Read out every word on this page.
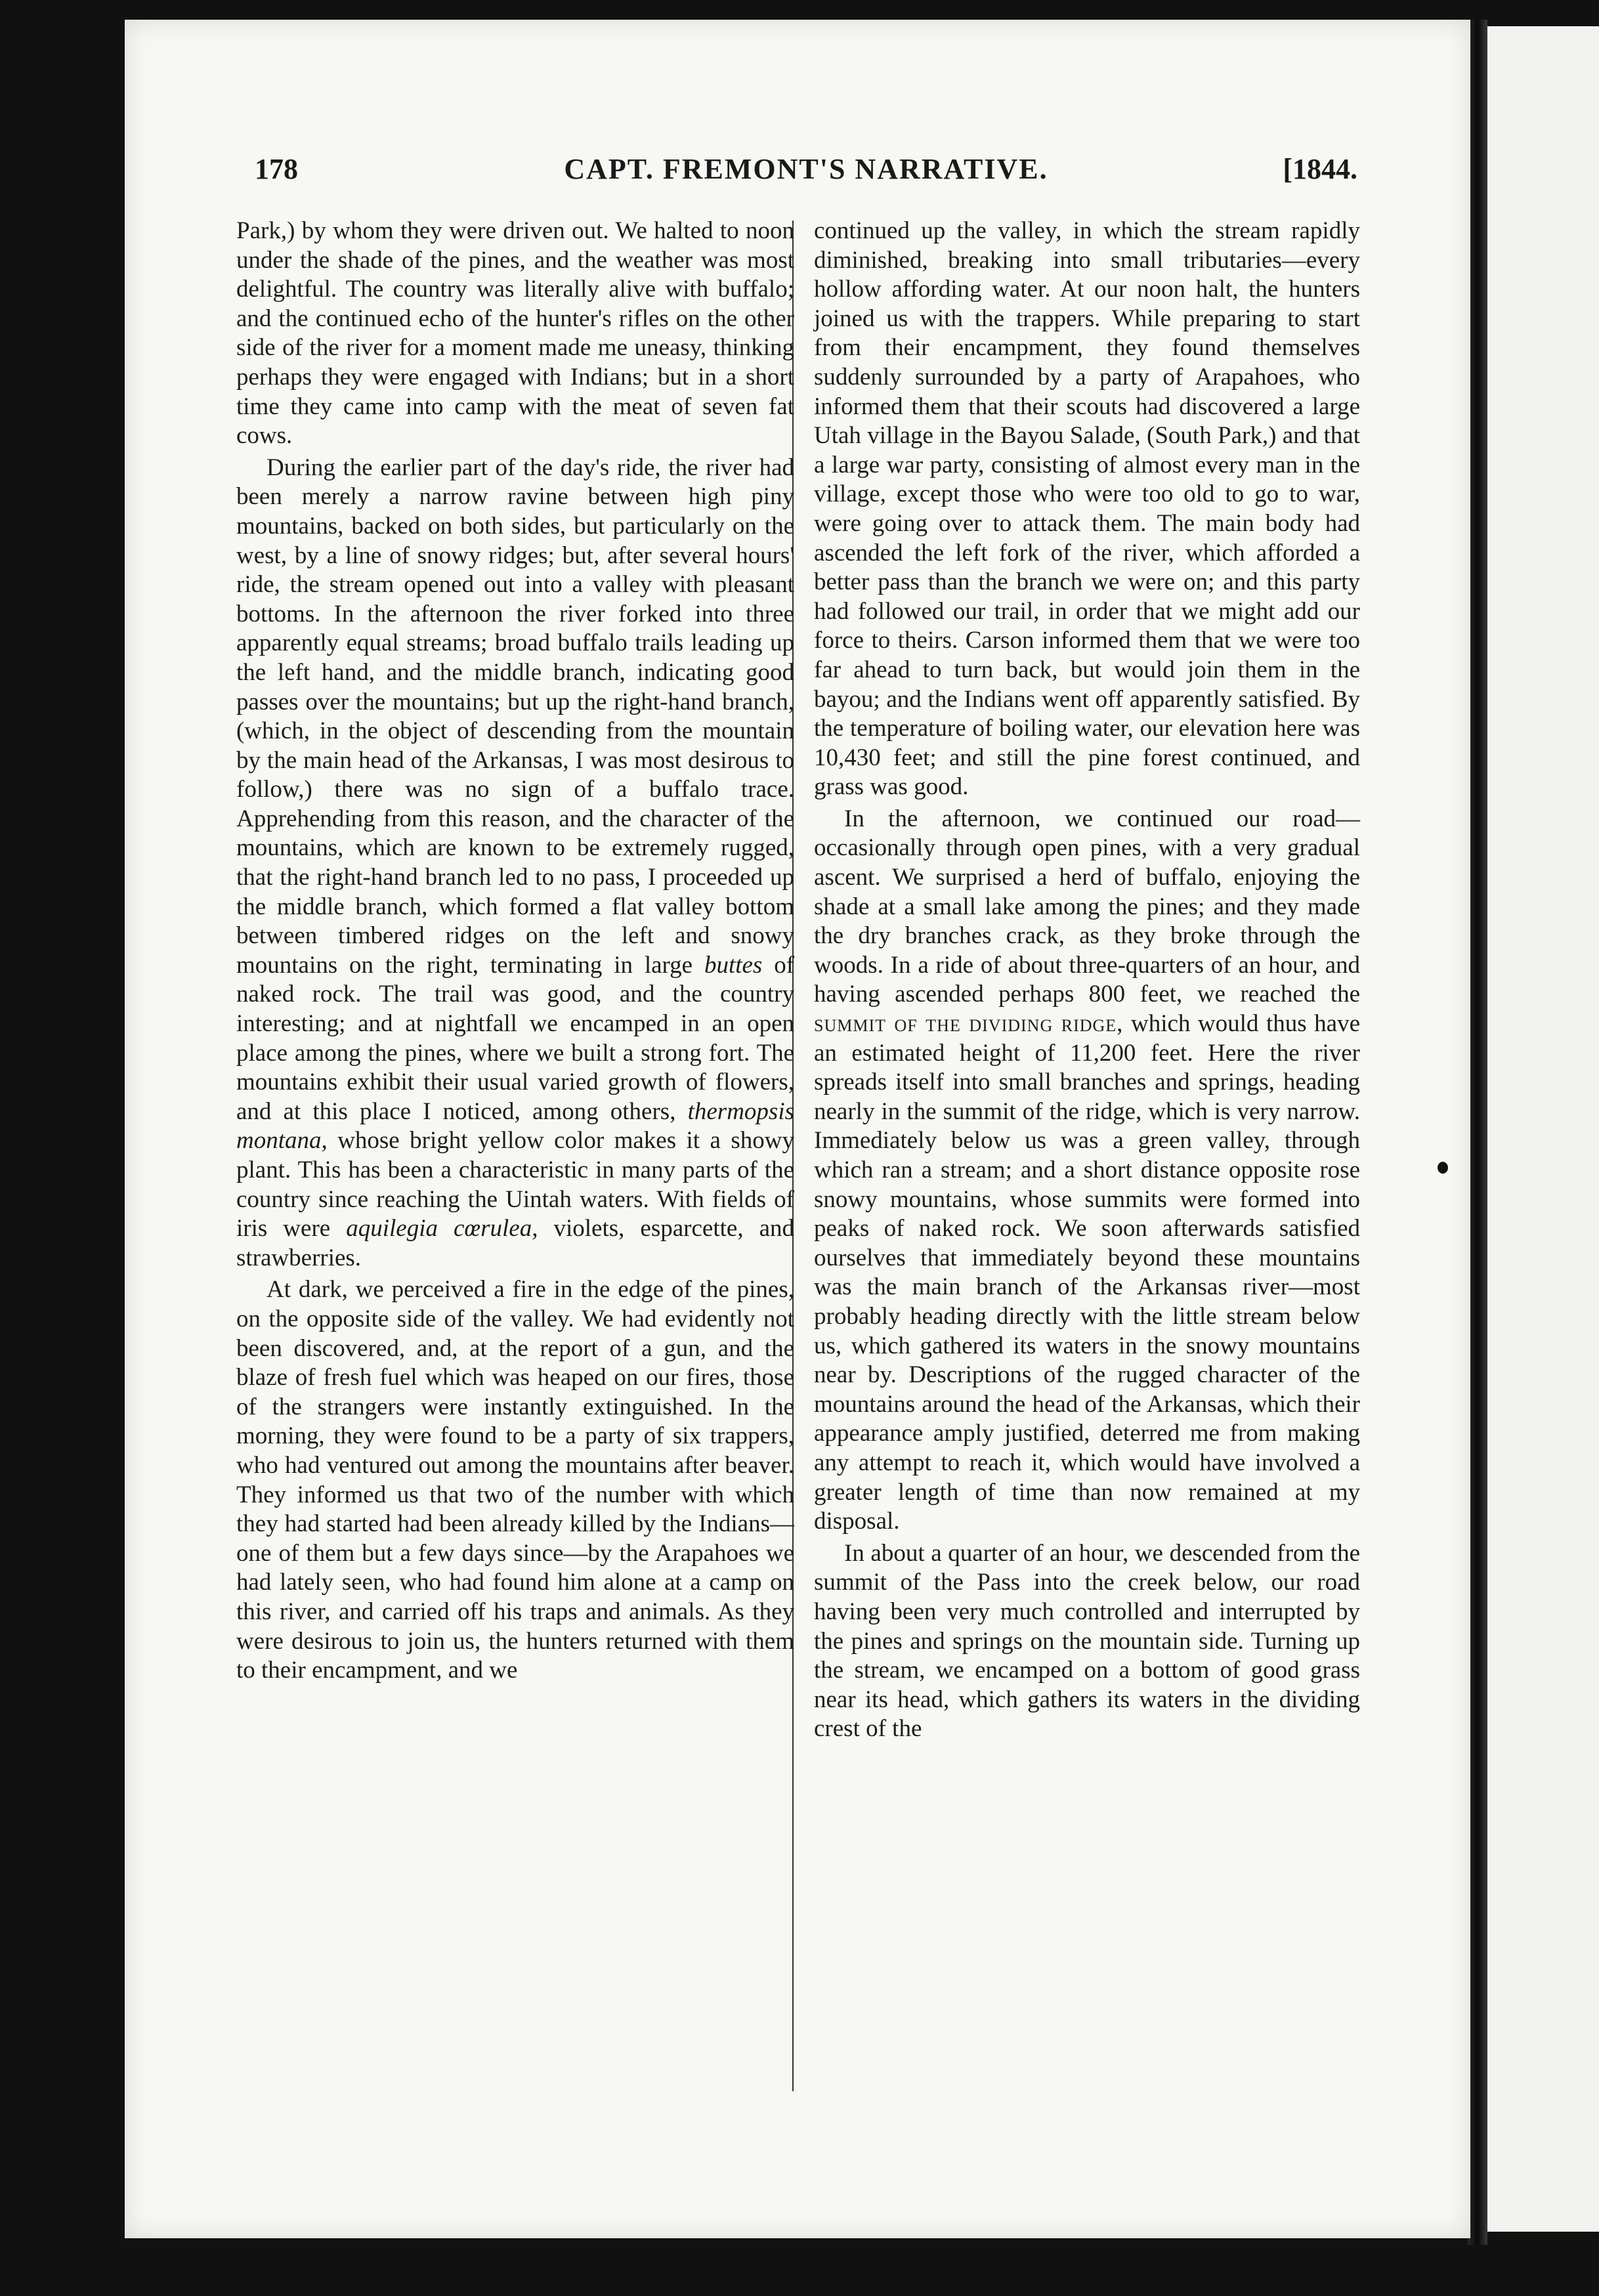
178	CAPT. FREMONT'S NARRATIVE.	[1844.

Park,) by whom they were driven out. We halted to noon under the shade of the pines, and the weather was most delightful. The country was literally alive with buffalo; and the continued echo of the hunter's rifles on the other side of the river for a moment made me uneasy, thinking perhaps they were engaged with Indians; but in a short time they came into camp with the meat of seven fat cows.

During the earlier part of the day's ride, the river had been merely a narrow ravine between high piny mountains, backed on both sides, but particularly on the west, by a line of snowy ridges; but, after several hours' ride, the stream opened out into a valley with pleasant bottoms. In the afternoon the river forked into three apparently equal streams; broad buffalo trails leading up the left hand, and the middle branch, indicating good passes over the mountains; but up the right-hand branch, (which, in the object of descending from the mountain by the main head of the Arkansas, I was most desirous to follow,) there was no sign of a buffalo trace. Apprehending from this reason, and the character of the mountains, which are known to be extremely rugged, that the right-hand branch led to no pass, I proceeded up the middle branch, which formed a flat valley bottom between timbered ridges on the left and snowy mountains on the right, terminating in large buttes of naked rock. The trail was good, and the country interesting; and at nightfall we encamped in an open place among the pines, where we built a strong fort. The mountains exhibit their usual varied growth of flowers, and at this place I noticed, among others, thermopsis montana, whose bright yellow color makes it a showy plant. This has been a characteristic in many parts of the country since reaching the Uintah waters. With fields of iris were aquilegia cœrulea, violets, esparcette, and strawberries.

At dark, we perceived a fire in the edge of the pines, on the opposite side of the valley. We had evidently not been discovered, and, at the report of a gun, and the blaze of fresh fuel which was heaped on our fires, those of the strangers were instantly extinguished. In the morning, they were found to be a party of six trappers, who had ventured out among the mountains after beaver. They informed us that two of the number with which they had started had been already killed by the Indians—one of them but a few days since—by the Arapahoes we had lately seen, who had found him alone at a camp on this river, and carried off his traps and animals. As they were desirous to join us, the hunters returned with them to their encampment, and we

continued up the valley, in which the stream rapidly diminished, breaking into small tributaries—every hollow affording water. At our noon halt, the hunters joined us with the trappers. While preparing to start from their encampment, they found themselves suddenly surrounded by a party of Arapahoes, who informed them that their scouts had discovered a large Utah village in the Bayou Salade, (South Park,) and that a large war party, consisting of almost every man in the village, except those who were too old to go to war, were going over to attack them. The main body had ascended the left fork of the river, which afforded a better pass than the branch we were on; and this party had followed our trail, in order that we might add our force to theirs. Carson informed them that we were too far ahead to turn back, but would join them in the bayou; and the Indians went off apparently satisfied. By the temperature of boiling water, our elevation here was 10,430 feet; and still the pine forest continued, and grass was good.

In the afternoon, we continued our road—occasionally through open pines, with a very gradual ascent. We surprised a herd of buffalo, enjoying the shade at a small lake among the pines; and they made the dry branches crack, as they broke through the woods. In a ride of about three-quarters of an hour, and having ascended perhaps 800 feet, we reached the summit of the dividing ridge, which would thus have an estimated height of 11,200 feet. Here the river spreads itself into small branches and springs, heading nearly in the summit of the ridge, which is very narrow. Immediately below us was a green valley, through which ran a stream; and a short distance opposite rose snowy mountains, whose summits were formed into peaks of naked rock. We soon afterwards satisfied ourselves that immediately beyond these mountains was the main branch of the Arkansas river—most probably heading directly with the little stream below us, which gathered its waters in the snowy mountains near by. Descriptions of the rugged character of the mountains around the head of the Arkansas, which their appearance amply justified, deterred me from making any attempt to reach it, which would have involved a greater length of time than now remained at my disposal.

In about a quarter of an hour, we descended from the summit of the Pass into the creek below, our road having been very much controlled and interrupted by the pines and springs on the mountain side. Turning up the stream, we encamped on a bottom of good grass near its head, which gathers its waters in the dividing crest of the
